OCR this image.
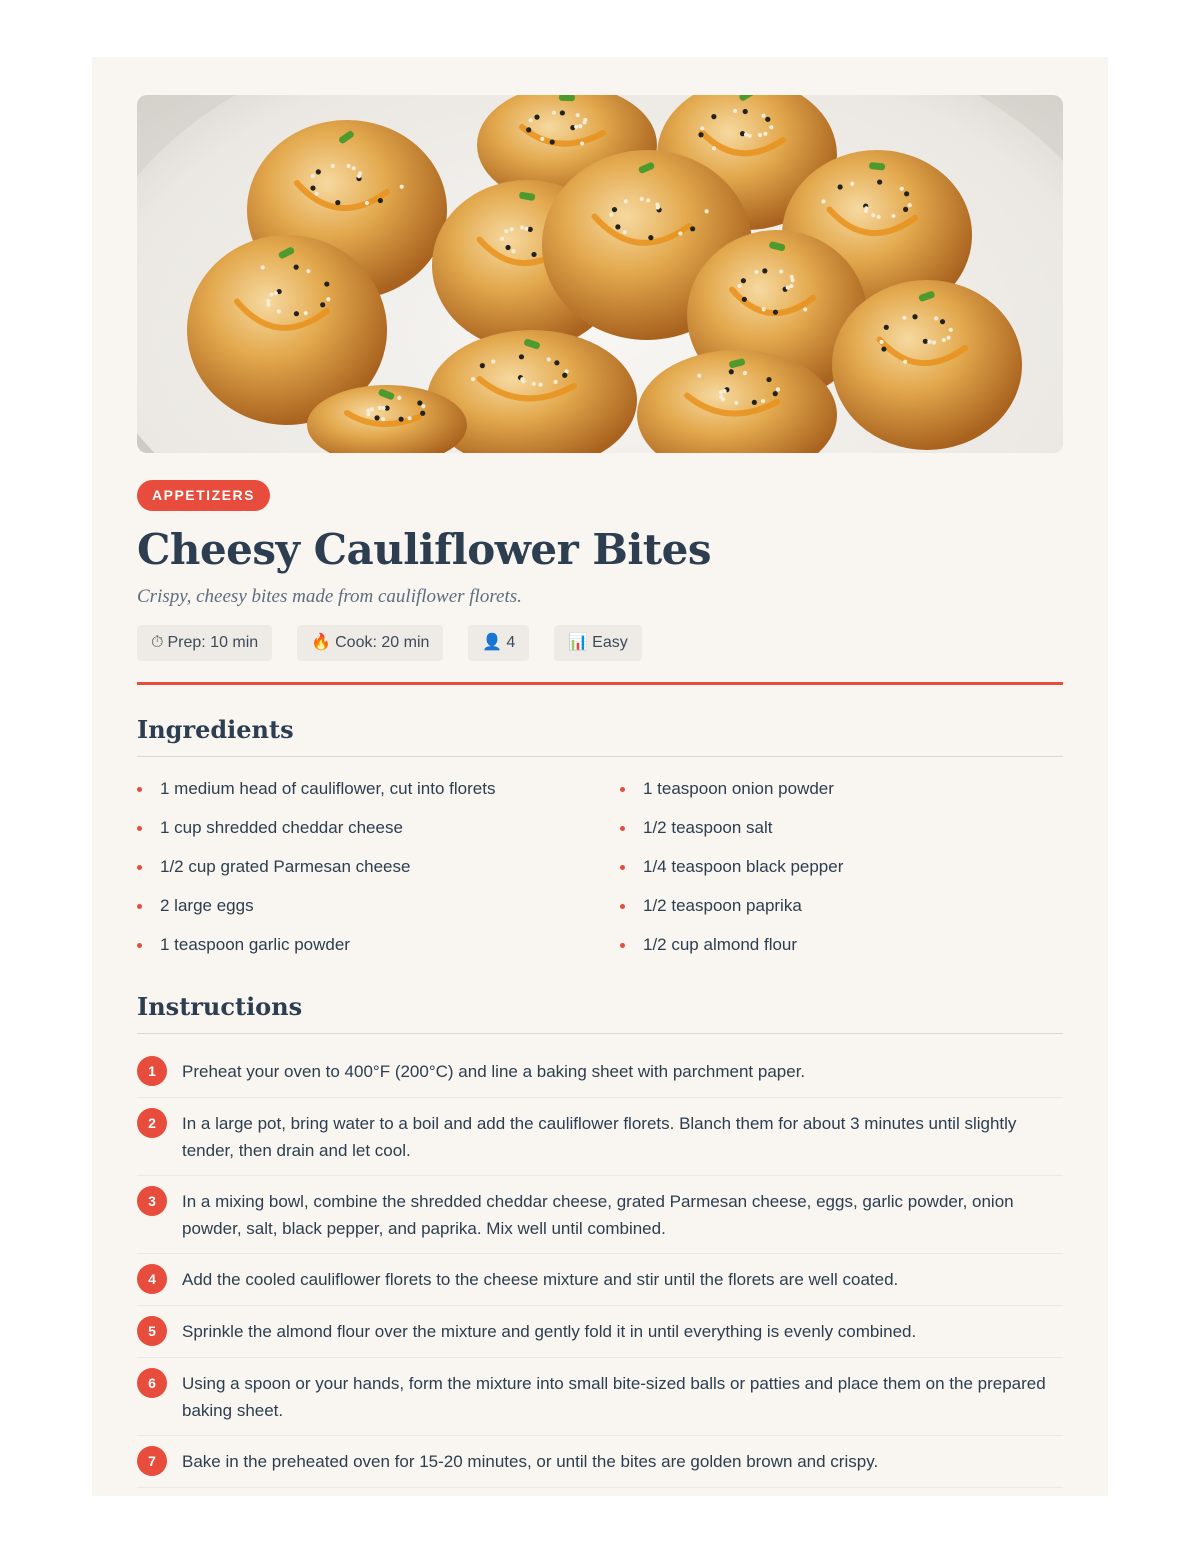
APPETIZERS
Cheesy Cauliflower Bites

Crispy, cheesy bites made from cauliflower florets.

⏱ Prep: 10 min	🔥 Cook: 20 min	👤 4	📊 Easy
Ingredients
1 medium head of cauliflower, cut into florets
1 cup shredded cheddar cheese
1/2 cup grated Parmesan cheese
2 large eggs
1 teaspoon garlic powder
1 teaspoon onion powder
1/2 teaspoon salt
1/4 teaspoon black pepper
1/2 teaspoon paprika
1/2 cup almond flour
Instructions
1	Preheat your oven to 400°F (200°C) and line a baking sheet with parchment paper.
2	In a large pot, bring water to a boil and add the cauliflower florets. Blanch them for about 3 minutes until slightly tender, then drain and let cool.
3	In a mixing bowl, combine the shredded cheddar cheese, grated Parmesan cheese, eggs, garlic powder, onion powder, salt, black pepper, and paprika. Mix well until combined.
4	Add the cooled cauliflower florets to the cheese mixture and stir until the florets are well coated.
5	Sprinkle the almond flour over the mixture and gently fold it in until everything is evenly combined.
6	Using a spoon or your hands, form the mixture into small bite-sized balls or patties and place them on the prepared baking sheet.
7	Bake in the preheated oven for 15-20 minutes, or until the bites are golden brown and crispy.
